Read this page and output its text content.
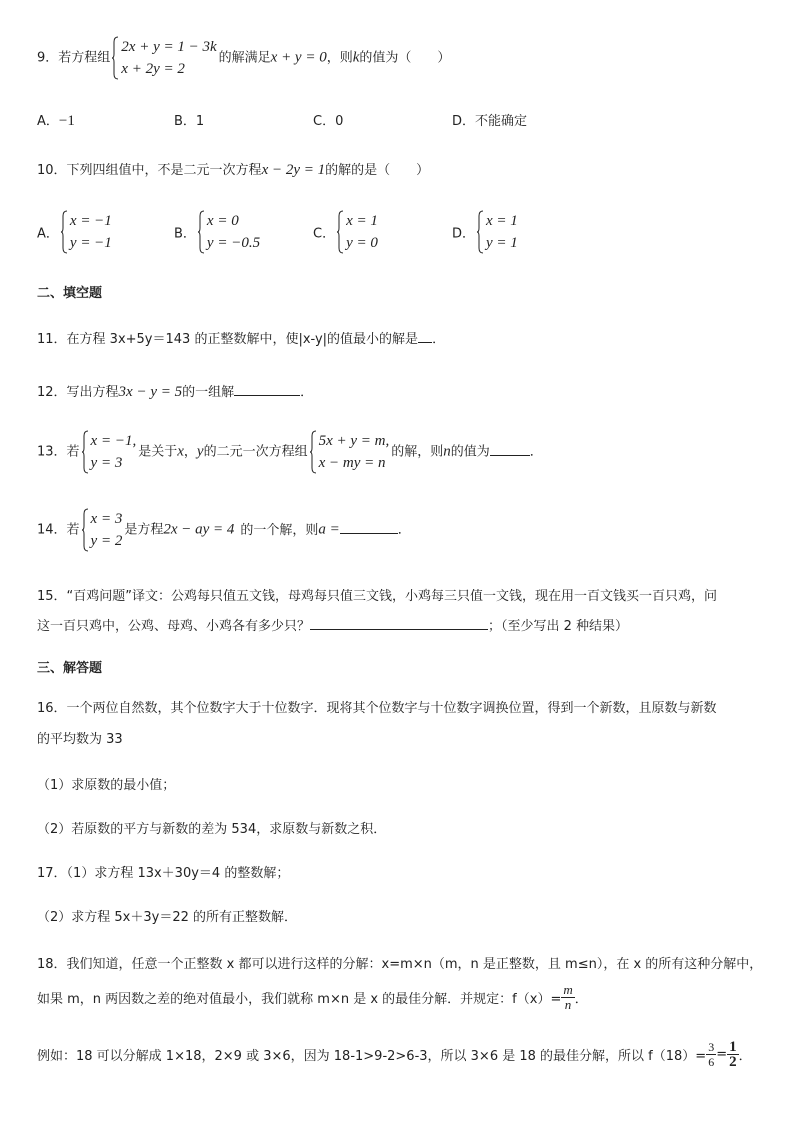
9．若方程组
2x + y = 1 − 3k
x + 2y = 2
的解满足x + y = 0，则k的值为（　　）
A．−1	B．1	C．0	D．不能确定
10．下列四组值中，不是二元一次方程x − 2y = 1的解的是（　　）
A．
x = −1
y = −1
B．
x = 0
y = −0.5
C．
x = 1
y = 0
D．
x = 1
y = 1
二、填空题
11．在方程 3x+5y＝143 的正整数解中，使|x-y|的值最小的解是 ．
12．写出方程3x − y = 5的一组解	．
13．若
x = −1,
y = 3
是关于x，y的二元一次方程组
5x + y = m,
x − my = n
的解，则n的值为	．
14．若
x = 3
y = 2
是方程2x − ay = 4 的一个解，则a =	．
15．“百鸡问题”译文：公鸡每只值五文钱，母鸡每只值三文钱，小鸡每三只值一文钱，现在用一百文钱买一百只鸡，问
这一百只鸡中，公鸡、母鸡、小鸡各有多少只？	；（至少写出 2 种结果）
三、解答题
16．一个两位自然数，其个位数字大于十位数字．现将其个位数字与十位数字调换位置，得到一个新数，且原数与新数
的平均数为 33
（1）求原数的最小值；
（2）若原数的平方与新数的差为 534，求原数与新数之积．
17．（1）求方程 13x＋30y＝4 的整数解；
（2）求方程 5x＋3y＝22 的所有正整数解．
18．我们知道，任意一个正整数 x 都可以进行这样的分解：x=m×n（m，n 是正整数，且 m≤n），在 x 的所有这种分解中，
如果 m，n 两因数之差的绝对值最小，我们就称 m×n 是 x 的最佳分解．并规定：$f(x)= \frac{m}{n}$ ．
例如：18 可以分解成 1×18，2×9 或 3×6，因为 18-1>9-2>6-3，所以 3×6 是 18 的最佳分解，所以 $f(18)= \frac{3}{6} = \frac{1}{2}$ ．
